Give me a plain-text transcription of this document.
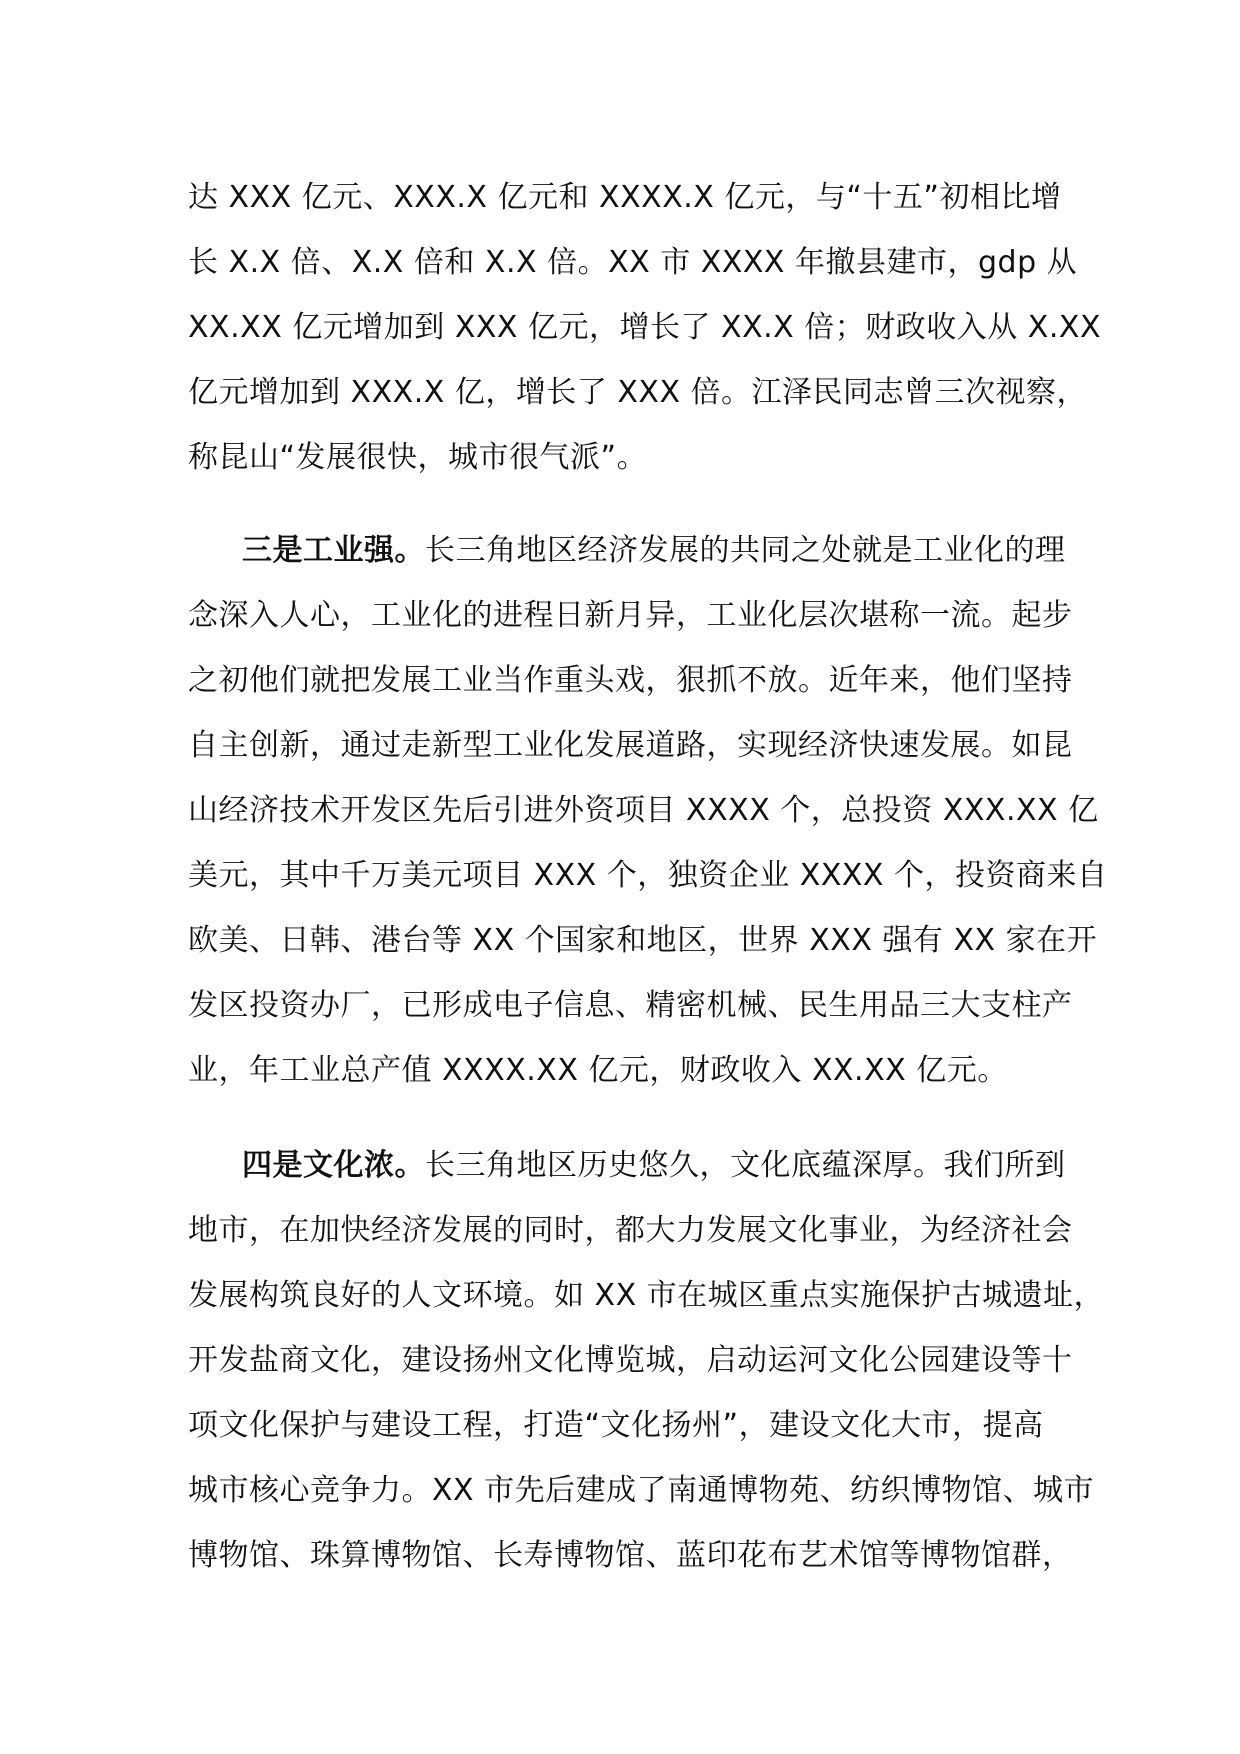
达 XXX 亿元、XXX.X 亿元和 XXXX.X 亿元，与“十五”初相比增
长 X.X 倍、X.X 倍和 X.X 倍。XX 市 XXXX 年撤县建市，gdp 从
XX.XX 亿元增加到 XXX 亿元，增长了 XX.X 倍；财政收入从 X.XX
亿元增加到 XXX.X 亿，增长了 XXX 倍。江泽民同志曾三次视察，
称昆山“发展很快，城市很气派”。
三是工业强。长三角地区经济发展的共同之处就是工业化的理
念深入人心，工业化的进程日新月异，工业化层次堪称一流。起步
之初他们就把发展工业当作重头戏，狠抓不放。近年来，他们坚持
自主创新，通过走新型工业化发展道路，实现经济快速发展。如昆
山经济技术开发区先后引进外资项目 XXXX 个，总投资 XXX.XX 亿
美元，其中千万美元项目 XXX 个，独资企业 XXXX 个，投资商来自
欧美、日韩、港台等 XX 个国家和地区，世界 XXX 强有 XX 家在开
发区投资办厂，已形成电子信息、精密机械、民生用品三大支柱产
业，年工业总产值 XXXX.XX 亿元，财政收入 XX.XX 亿元。
四是文化浓。长三角地区历史悠久，文化底蕴深厚。我们所到
地市，在加快经济发展的同时，都大力发展文化事业，为经济社会
发展构筑良好的人文环境。如 XX 市在城区重点实施保护古城遗址，
开发盐商文化，建设扬州文化博览城，启动运河文化公园建设等十
项文化保护与建设工程，打造“文化扬州”，建设文化大市，提高
城市核心竞争力。XX 市先后建成了南通博物苑、纺织博物馆、城市
博物馆、珠算博物馆、长寿博物馆、蓝印花布艺术馆等博物馆群，
